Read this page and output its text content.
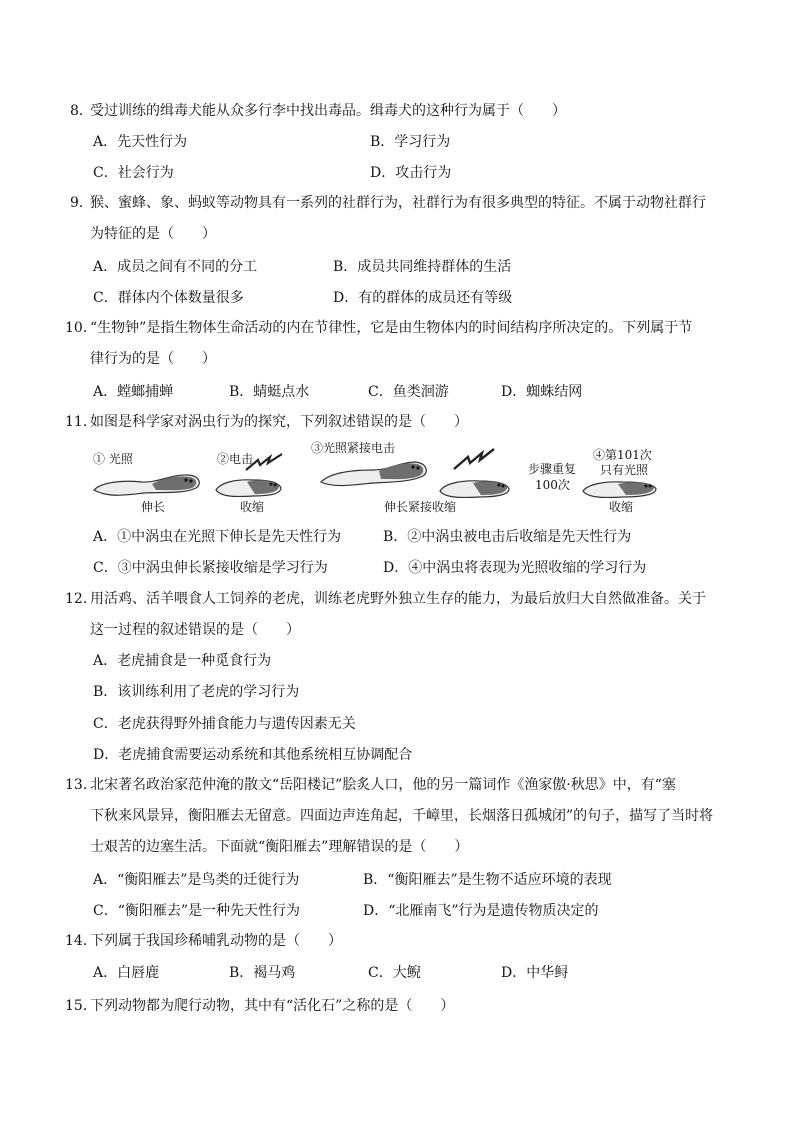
8．
受过训练的缉毒犬能从众多行李中找出毒品。缉毒犬的这种行为属于（　　）
A．先天性行为	B．学习行为
C．社会行为	D．攻击行为
9．
猴、蜜蜂、象、蚂蚁等动物具有一系列的社群行为，社群行为有很多典型的特征。不属于动物社群行
为特征的是（　　）
A．成员之间有不同的分工	B．成员共同维持群体的生活
C．群体内个体数量很多	D．有的群体的成员还有等级
10．
“生物钟”是指生物体生命活动的内在节律性，它是由生物体内的时间结构序所决定的。下列属于节
律行为的是（　　）
A．螳螂捕蝉	B．蜻蜓点水	C．鱼类洄游	D．蜘蛛结网
11．
如图是科学家对涡虫行为的探究，下列叙述错误的是（　　）
① 光照	②电击
③光照紧接电击	④第101次
只有光照
步骤重复
100次
伸长	收缩	伸长紧接收缩	收缩
A．①中涡虫在光照下伸长是先天性行为	B．②中涡虫被电击后收缩是先天性行为
C．③中涡虫伸长紧接收缩是学习行为	D．④中涡虫将表现为光照收缩的学习行为
12．
用活鸡、活羊喂食人工饲养的老虎，训练老虎野外独立生存的能力，为最后放归大自然做准备。关于
这一过程的叙述错误的是（　　）
A．老虎捕食是一种觅食行为
B．该训练利用了老虎的学习行为
C．老虎获得野外捕食能力与遗传因素无关
D．老虎捕食需要运动系统和其他系统相互协调配合
13．
北宋著名政治家范仲淹的散文“岳阳楼记”脍炙人口，他的另一篇词作《渔家傲·秋思》中，有“塞
下秋来风景异，衡阳雁去无留意。四面边声连角起，千嶂里，长烟落日孤城闭”的句子，描写了当时将
士艰苦的边塞生活。下面就“衡阳雁去”理解错误的是（　　）
A．“衡阳雁去”是鸟类的迁徙行为	B．“衡阳雁去”是生物不适应环境的表现
C．“衡阳雁去”是一种先天性行为	D．“北雁南飞”行为是遗传物质决定的
14．
下列属于我国珍稀哺乳动物的是（　　）
A．白唇鹿	B．褐马鸡	C．大鲵	D．中华鲟
15．
下列动物都为爬行动物，其中有“活化石”之称的是（　　）
